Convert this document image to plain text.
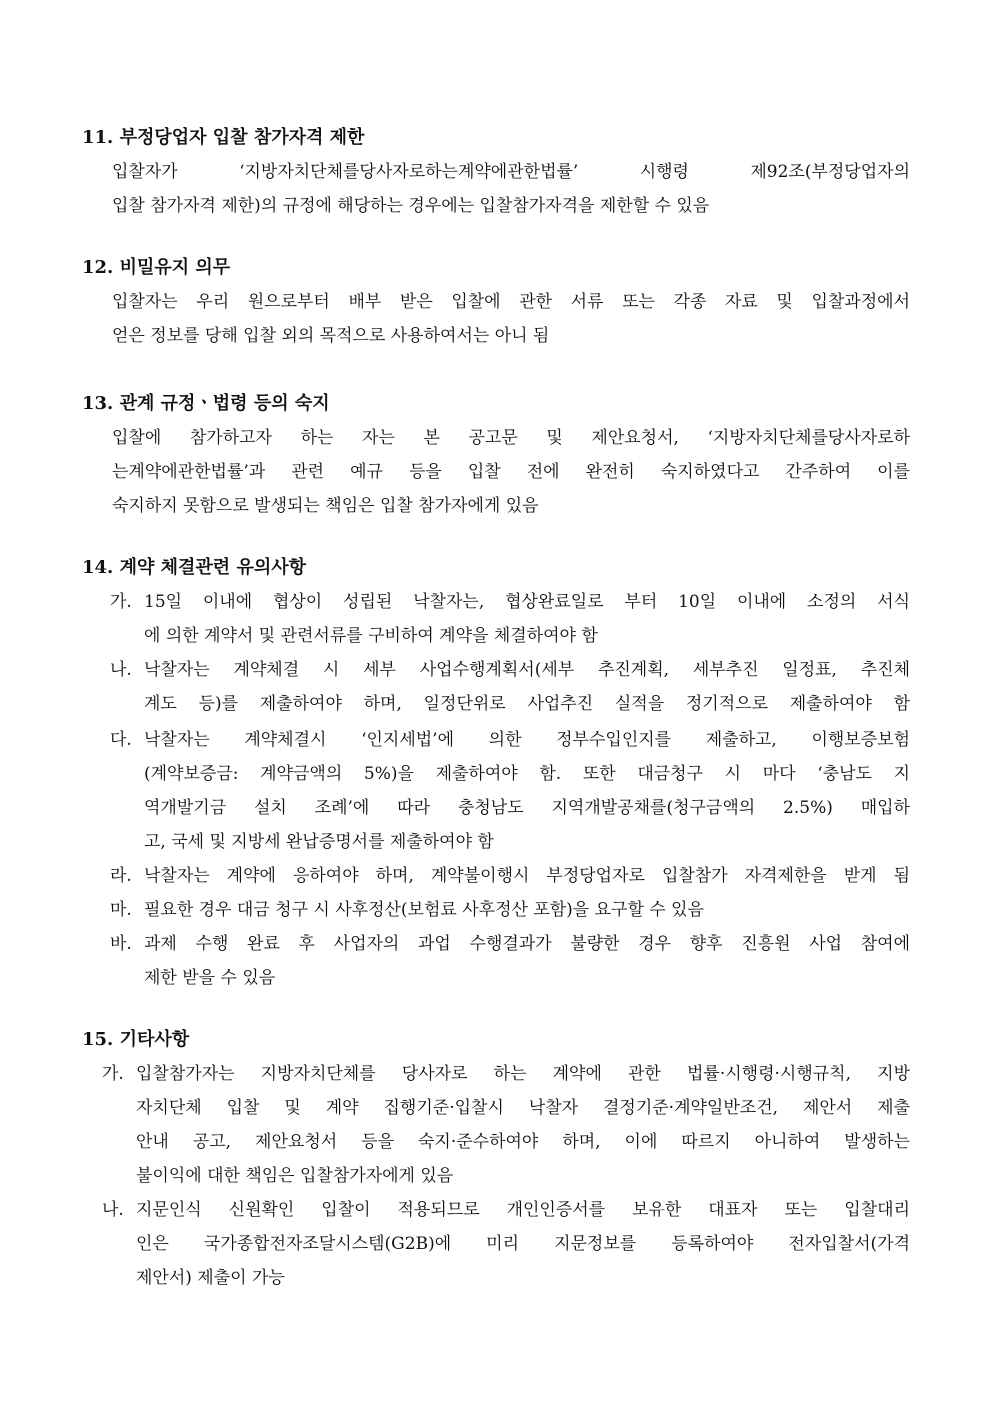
11. 부정당업자 입찰 참가자격 제한
입찰자가 ‘지방자치단체를당사자로하는계약에관한법률’ 시행령 제92조(부정당업자의
입찰 참가자격 제한)의 규정에 해당하는 경우에는 입찰참가자격을 제한할 수 있음
12. 비밀유지 의무
입찰자는 우리 원으로부터 배부 받은 입찰에 관한 서류 또는 각종 자료 및 입찰과정에서
얻은 정보를 당해 입찰 외의 목적으로 사용하여서는 아니 됨
13. 관계 규정ㆍ법령 등의 숙지
입찰에 참가하고자 하는 자는 본 공고문 및 제안요청서, ‘지방자치단체를당사자로하
는계약에관한법률’과 관련 예규 등을 입찰 전에 완전히 숙지하였다고 간주하여 이를
숙지하지 못함으로 발생되는 책임은 입찰 참가자에게 있음
14. 계약 체결관련 유의사항
가. 15일 이내에 협상이 성립된 낙찰자는, 협상완료일로 부터 10일 이내에 소정의 서식
에 의한 계약서 및 관련서류를 구비하여 계약을 체결하여야 함
나. 낙찰자는 계약체결 시 세부 사업수행계획서(세부 추진계획, 세부추진 일정표, 추진체
계도 등)를 제출하여야 하며, 일정단위로 사업추진 실적을 정기적으로 제출하여야 함
다. 낙찰자는 계약체결시 ‘인지세법’에 의한 정부수입인지를 제출하고, 이행보증보험
(계약보증금: 계약금액의 5%)을 제출하여야 함. 또한 대금청구 시 마다 ‘충남도 지
역개발기금 설치 조례’에 따라 충청남도 지역개발공채를(청구금액의 2.5%) 매입하
고, 국세 및 지방세 완납증명서를 제출하여야 함
라. 낙찰자는 계약에 응하여야 하며, 계약불이행시 부정당업자로 입찰참가 자격제한을 받게 됨
마. 필요한 경우 대금 청구 시 사후정산(보험료 사후정산 포함)을 요구할 수 있음
바. 과제 수행 완료 후 사업자의 과업 수행결과가 불량한 경우 향후 진흥원 사업 참여에
제한 받을 수 있음
15. 기타사항
가. 입찰참가자는 지방자치단체를 당사자로 하는 계약에 관한 법률·시행령·시행규칙, 지방
자치단체 입찰 및 계약 집행기준·입찰시 낙찰자 결정기준·계약일반조건, 제안서 제출
안내 공고, 제안요청서 등을 숙지·준수하여야 하며, 이에 따르지 아니하여 발생하는
불이익에 대한 책임은 입찰참가자에게 있음
나. 지문인식 신원확인 입찰이 적용되므로 개인인증서를 보유한 대표자 또는 입찰대리
인은 국가종합전자조달시스템(G2B)에 미리 지문정보를 등록하여야 전자입찰서(가격
제안서) 제출이 가능
